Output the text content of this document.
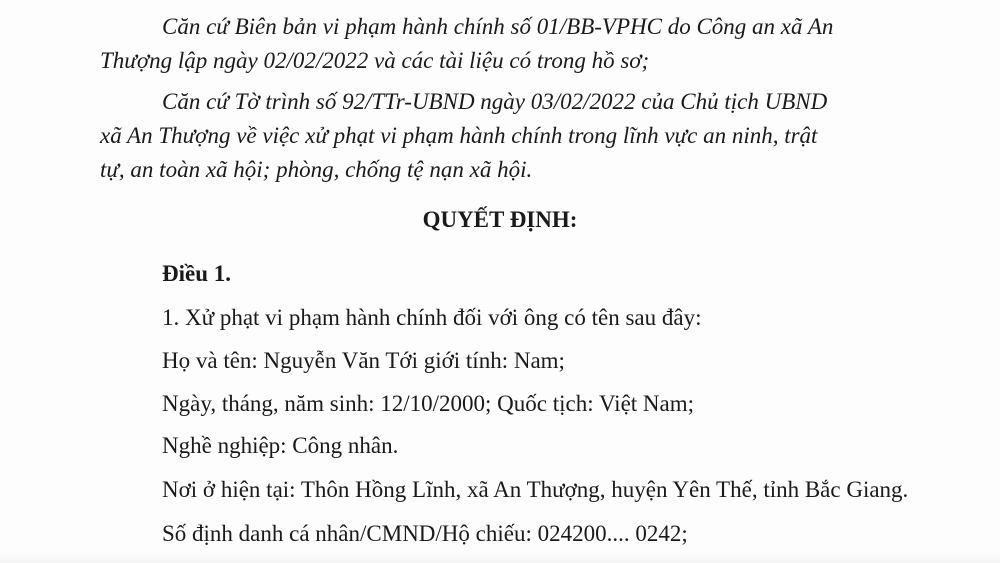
Căn cứ Biên bản vi phạm hành chính số 01/BB-VPHC do Công an xã An
Thượng lập ngày 02/02/2022 và các tài liệu có trong hồ sơ;
Căn cứ Tờ trình số 92/TTr-UBND ngày 03/02/2022 của Chủ tịch UBND
xã An Thượng về việc xử phạt vi phạm hành chính trong lĩnh vực an ninh, trật
tự, an toàn xã hội; phòng, chống tệ nạn xã hội.
QUYẾT ĐỊNH:
Điều 1.
1. Xử phạt vi phạm hành chính đối với ông có tên sau đây:
Họ và tên: Nguyễn Văn Tới giới tính: Nam;
Ngày, tháng, năm sinh: 12/10/2000; Quốc tịch: Việt Nam;
Nghề nghiệp: Công nhân.
Nơi ở hiện tại: Thôn Hồng Lĩnh, xã An Thượng, huyện Yên Thế, tỉnh Bắc Giang.
Số định danh cá nhân/CMND/Hộ chiếu: 024200.... 0242;
